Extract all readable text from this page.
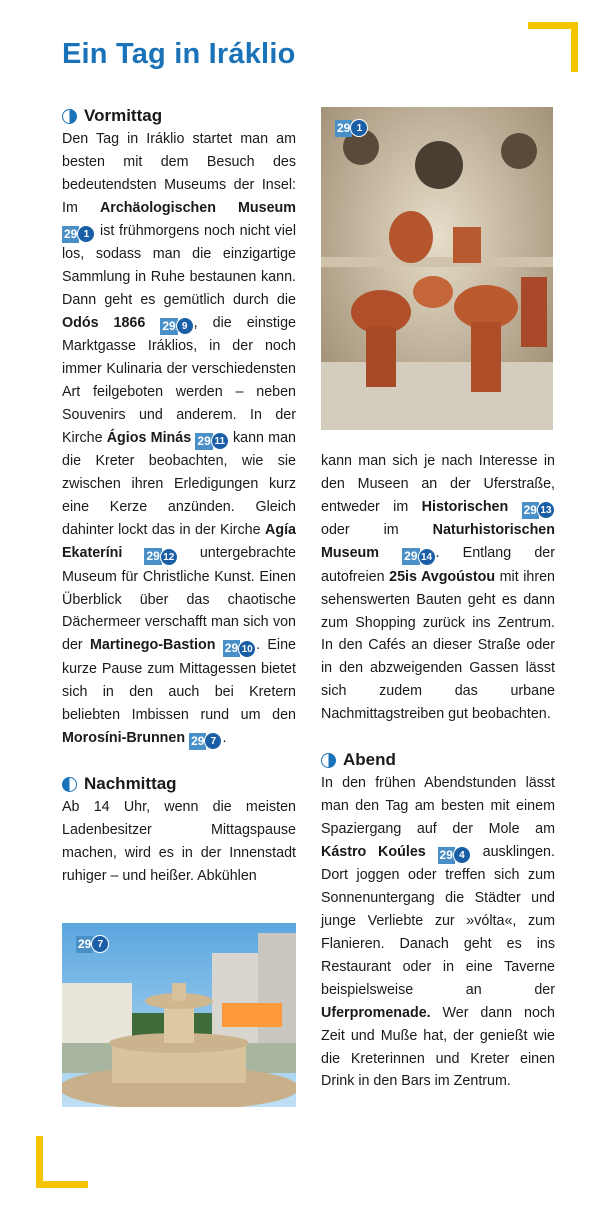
Ein Tag in Iráklio
Vormittag

Den Tag in Iráklio startet man am besten mit dem Besuch des bedeutendsten Museums der Insel: Im Archäologischen Museum
29 1 ist frühmorgens noch nicht viel los, sodass man die einzigartige Sammlung in Ruhe bestaunen kann. Dann geht es gemütlich durch die Odós 1866 29 9 , die einstige Marktgasse Iráklios, in der noch immer Kulinaria der verschiedensten Art feilgeboten werden – neben Souvenirs und anderem. In der Kirche Ágios Minás 29 11 kann man die Kreter beobachten, wie sie zwischen ihren Erledigungen kurz eine Kerze anzünden. Gleich dahinter lockt das in der Kirche Agía Ekateríni 29 12 untergebrachte Museum für Christliche Kunst. Einen Überblick über das chaotische Dächermeer verschafft man sich von der Martinego-Bastion 29 10 . Eine kurze Pause zum Mittagessen bietet sich in den auch bei Kretern beliebten Imbissen rund um den Morosíni-Brunnen 29 7 .

Nachmittag

Ab 14 Uhr, wenn die meisten Ladenbesitzer Mittagspause machen, wird es in der Innenstadt ruhiger – und heißer. Abkühlen

29 7
29 1

kann man sich je nach Interesse in den Museen an der Uferstraße, entweder im Historischen 29 13
oder im Naturhistorischen Museum 29 14 . Entlang der autofreien 25is Avgoústou mit ihren sehenswerten Bauten geht es dann zum Shopping zurück ins Zentrum. In den Cafés an dieser Straße oder in den abzweigenden Gassen lässt sich zudem das urbane Nachmittagstreiben gut beobachten.

Abend

In den frühen Abendstunden lässt man den Tag am besten mit einem Spaziergang auf der Mole am Kástro Koúles 29 4 ausklingen. Dort joggen oder treffen sich zum Sonnenuntergang die Städter und junge Verliebte zur »vólta«, zum Flanieren. Danach geht es ins Restaurant oder in eine Taverne beispielsweise an der Uferpromenade. Wer dann noch Zeit und Muße hat, der genießt wie die Kreterinnen und Kreter einen Drink in den Bars im Zentrum.
